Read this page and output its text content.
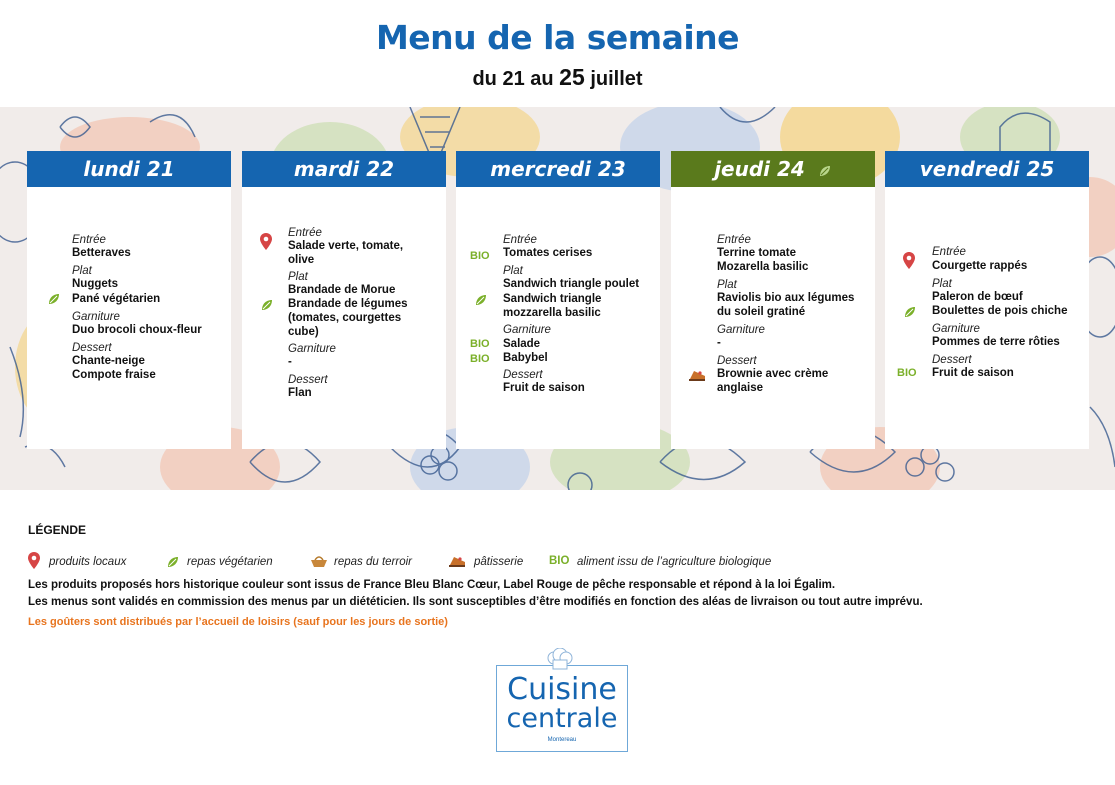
Menu de la semaine
du 21 au 25 juillet
lundi 21
Entrée
Betteraves
Plat
Nuggets
Pané végétarien
Garniture
Duo brocoli choux-fleur
Dessert
Chante-neige
Compote fraise
mardi 22
Entrée
Salade verte, tomate,
olive
Plat
Brandade de Morue
Brandade de légumes
(tomates, courgettes
cube)
Garniture
-
Dessert
Flan
mercredi 23
Entrée
BIO Tomates cerises
Plat
Sandwich triangle poulet
Sandwich triangle
mozzarella basilic
Garniture
BIO Salade
BIO Babybel
Dessert
Fruit de saison
jeudi 24
Entrée
Terrine tomate
Mozarella basilic
Plat
Raviolis bio aux légumes
du soleil gratiné
Garniture
-
Dessert
Brownie avec crème
anglaise
vendredi 25
Entrée
Courgette rappés
Plat
Paleron de bœuf
Boulettes de pois chiche
Garniture
Pommes de terre rôties
Dessert
BIO Fruit de saison
LÉGENDE
produits locaux	repas végétarien	repas du terroir	pâtisserie BIO aliment issu de l’agriculture biologique
Les produits proposés hors historique couleur sont issus de France Bleu Blanc Cœur, Label Rouge de pêche responsable et répond à la loi Égalim.
Les menus sont validés en commission des menus par un diététicien. Ils sont susceptibles d’être modifiés en fonction des aléas de livraison ou tout autre imprévu.
Les goûters sont distribués par l’accueil de loisirs (sauf pour les jours de sortie)
Cuisine
centrale
Montereau
